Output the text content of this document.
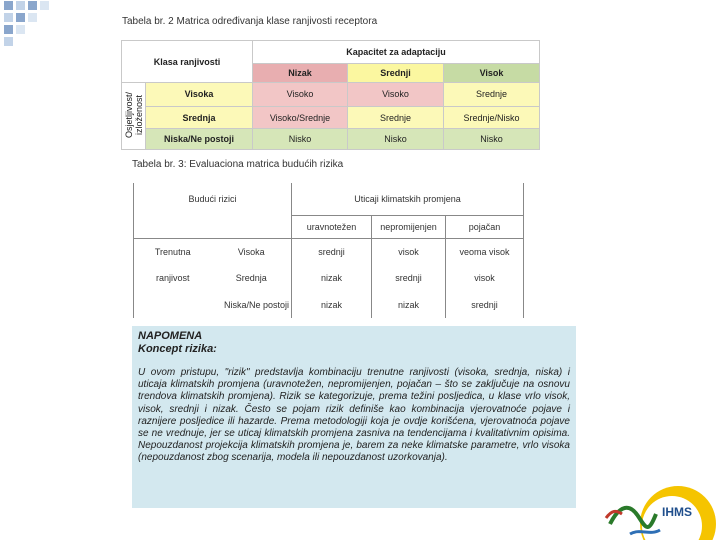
Tabela br. 2 Matrica određivanja klase ranjivosti receptora
Klasa ranjivosti		Kapacitet za adaptaciju		
		Nizak	Srednji	Visok
Osjetljivost/
izloženost	Visoka	Visoko	Visoko	Srednje
	Srednja	Visoko/Srednje	Srednje	Srednje/Nisko
	Niska/Ne postoji	Nisko	Nisko	Nisko
Tabela br. 3: Evaluaciona matrica budućih rizika
Budući rizici		Uticaji klimatskih promjena		
		uravnotežen	nepromijenjen	pojačan
Trenutna	Visoka	srednji	visok	veoma visok
ranjivost	Srednja	nizak	srednji	visok
	Niska/Ne postoji	nizak	nizak	srednji
NAPOMENA
Koncept rizika:

U ovom pristupu, "rizik" predstavlja kombinaciju trenutne ranjivosti (visoka, srednja, niska) i uticaja klimatskih promjena (uravnotežen, nepromijenjen, pojačan – što se zaključuje na osnovu trendova klimatskih promjena). Rizik se kategorizuje, prema težini posljedica, u klase vrlo visok, visok, srednji i nizak. Često se pojam rizik definiše kao kombinacija vjerovatnoće pojave i raznijere posljedice ili hazarde. Prema metodologiji koja je ovdje korišćena, vjerovatnoća pojave se ne vrednuje, jer se uticaj klimatskih promjena zasniva na tendencijama i kvalitativnim opisima. Nepouzdanost projekcija klimatskih promjena je, barem za neke klimatske parametre, vrlo visoka (nepouzdanost zbog scenarija, modela ili nepouzdanost uzorkovanja).

IHMS
